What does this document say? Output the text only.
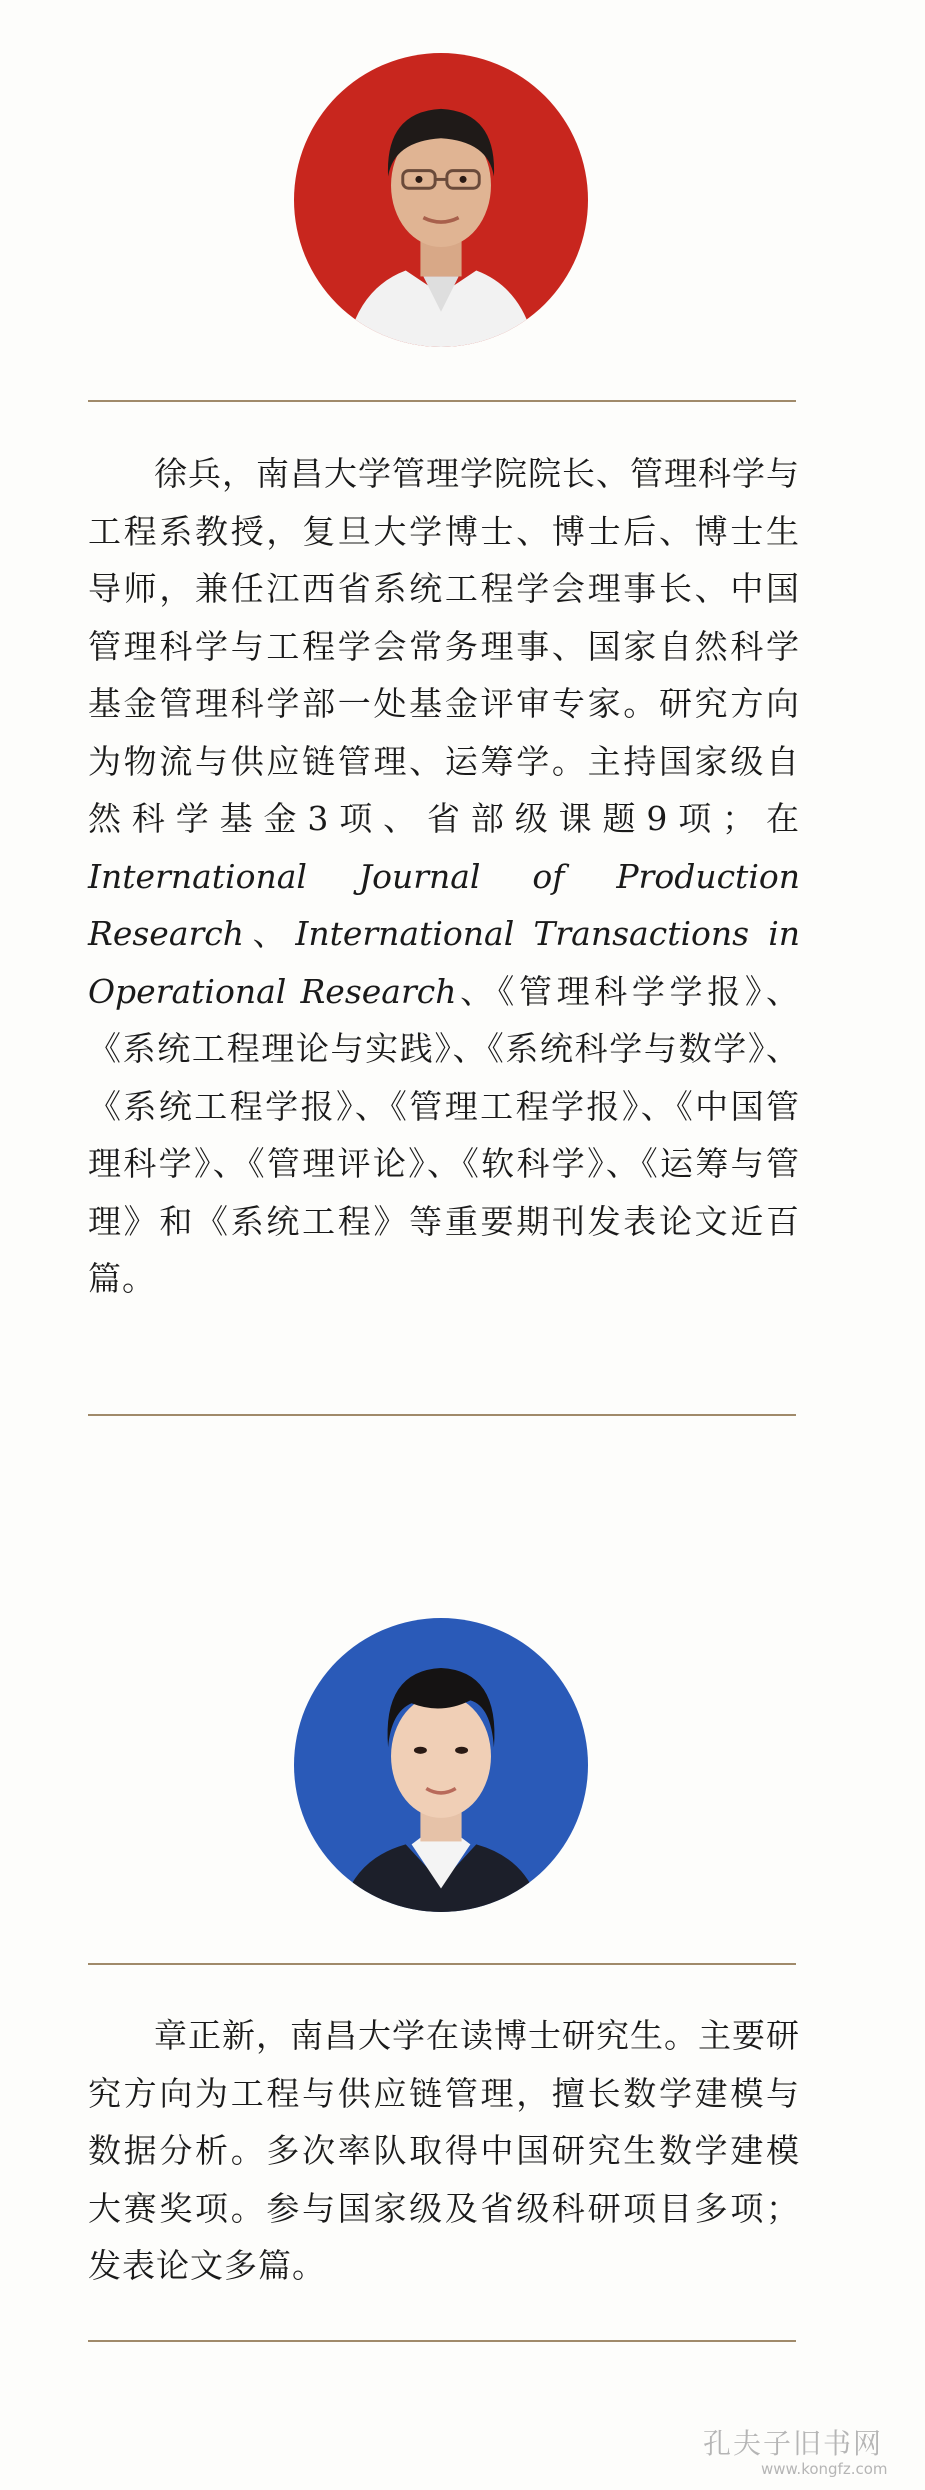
徐兵，南昌大学管理学院院长、管理科学与工程系教授，复旦大学博士、博士后、博士生导师，兼任江西省系统工程学会理事长、中国管理科学与工程学会常务理事、国家自然科学基金管理科学部一处基金评审专家。研究方向为物流与供应链管理、运筹学。主持国家级自然科学基金3项、省部级课题9项；在International Journal of Production Research、International Transactions in Operational Research、《管理科学学报》、《系统工程理论与实践》、《系统科学与数学》、《系统工程学报》、《管理工程学报》、《中国管理科学》、《管理评论》、《软科学》、《运筹与管理》和《系统工程》等重要期刊发表论文近百篇。
章正新，南昌大学在读博士研究生。主要研究方向为工程与供应链管理，擅长数学建模与数据分析。多次率队取得中国研究生数学建模大赛奖项。参与国家级及省级科研项目多项；发表论文多篇。
孔夫子旧书网
www.kongfz.com
